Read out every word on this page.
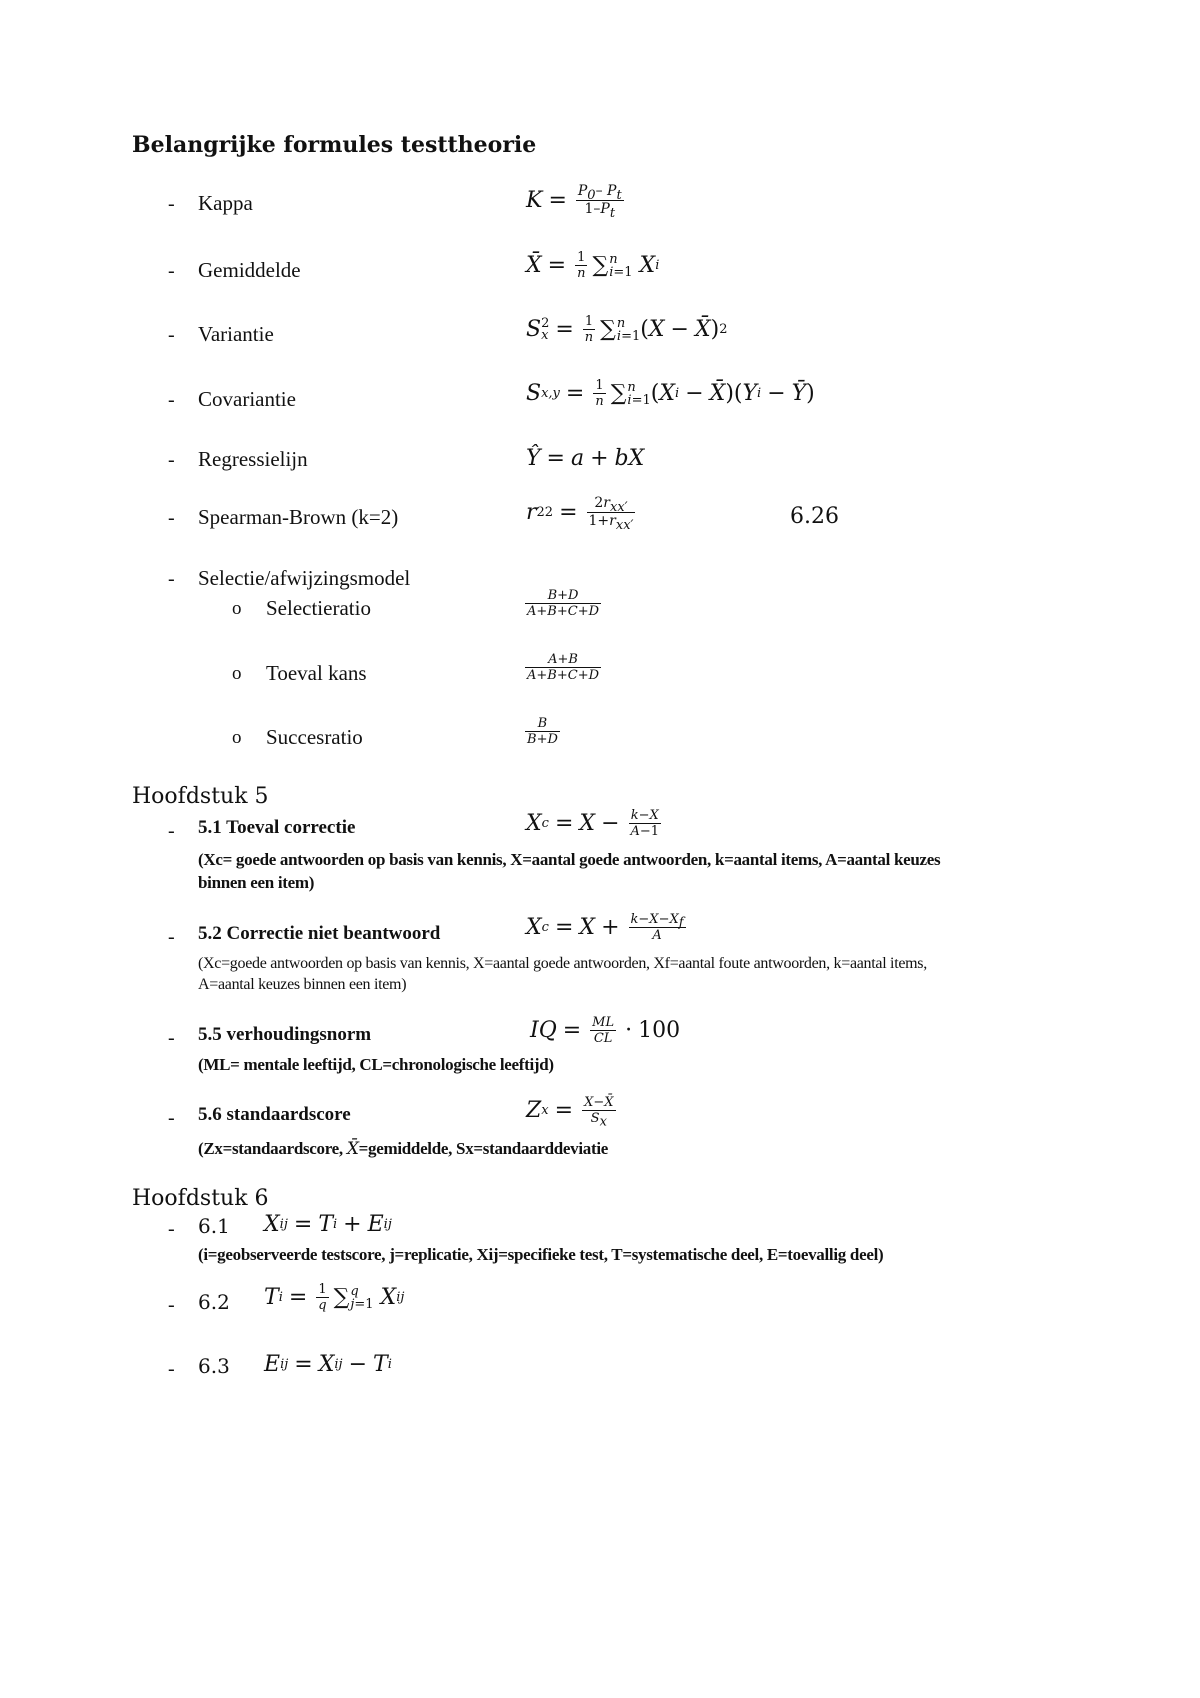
Belangrijke formules testtheorie
- Kappa	$K = \frac{P_0- P_t}{1-P_t}$
- Gemiddelde	X̄ = $\frac{1}{n}$ ∑ n
i=1 X i
- Variantie	S 2
$x = \frac{1}{n}$ ∑ n
i=1 ( X − X̄ ) 2
- Covariantie	S $x,y = \frac{1}{n}$ ∑ n
i=1 ( X i − X̄ )( Y i − Ȳ )
- Regressielijn	Ŷ = a + bX
- Spearman-Brown (k=2)	r $22 = \frac{2r_{xx'}}{1+r_{xx'}}$	6.26
- Selectie/afwijzingsmodel
o Selectieratio	$\frac{B+D}{A+B+C+D}$
o Toeval kans	$\frac{A+B}{A+B+C+D}$
o Succesratio	$\frac{B}{B+D}$
Hoofdstuk 5
- 5.1 Toeval correctie	X $c = X - \frac{k-X}{A-1}$
(Xc= goede antwoorden op basis van kennis, X=aantal goede antwoorden, k=aantal items, A=aantal keuzes binnen een item)
- 5.2 Correctie niet beantwoord	X $c = X + \frac{k-X-X_f}{A}$
(Xc=goede antwoorden op basis van kennis, X=aantal goede antwoorden, Xf=aantal foute antwoorden, k=aantal items, A=aantal keuzes binnen een item)
- 5.5 verhoudingsnorm	IQ = $\frac{ML}{CL} \cdot 100$
(ML= mentale leeftijd, CL=chronologische leeftijd)
- 5.6 standaardscore	Z $x = \frac{X-X̄}{S_x}$
(Zx=standaardscore, X̄=gemiddelde, Sx=standaarddeviatie
Hoofdstuk 6
- 6.1 X ij = T i + E ij
(i=geobserveerde testscore, j=replicatie, Xij=specifieke test, T=systematische deel, E=toevallig deel)
- 6.2 T $i = \frac{1}{q}$ ∑ q
j=1 X ij
- 6.3 E ij = X ij − T i
